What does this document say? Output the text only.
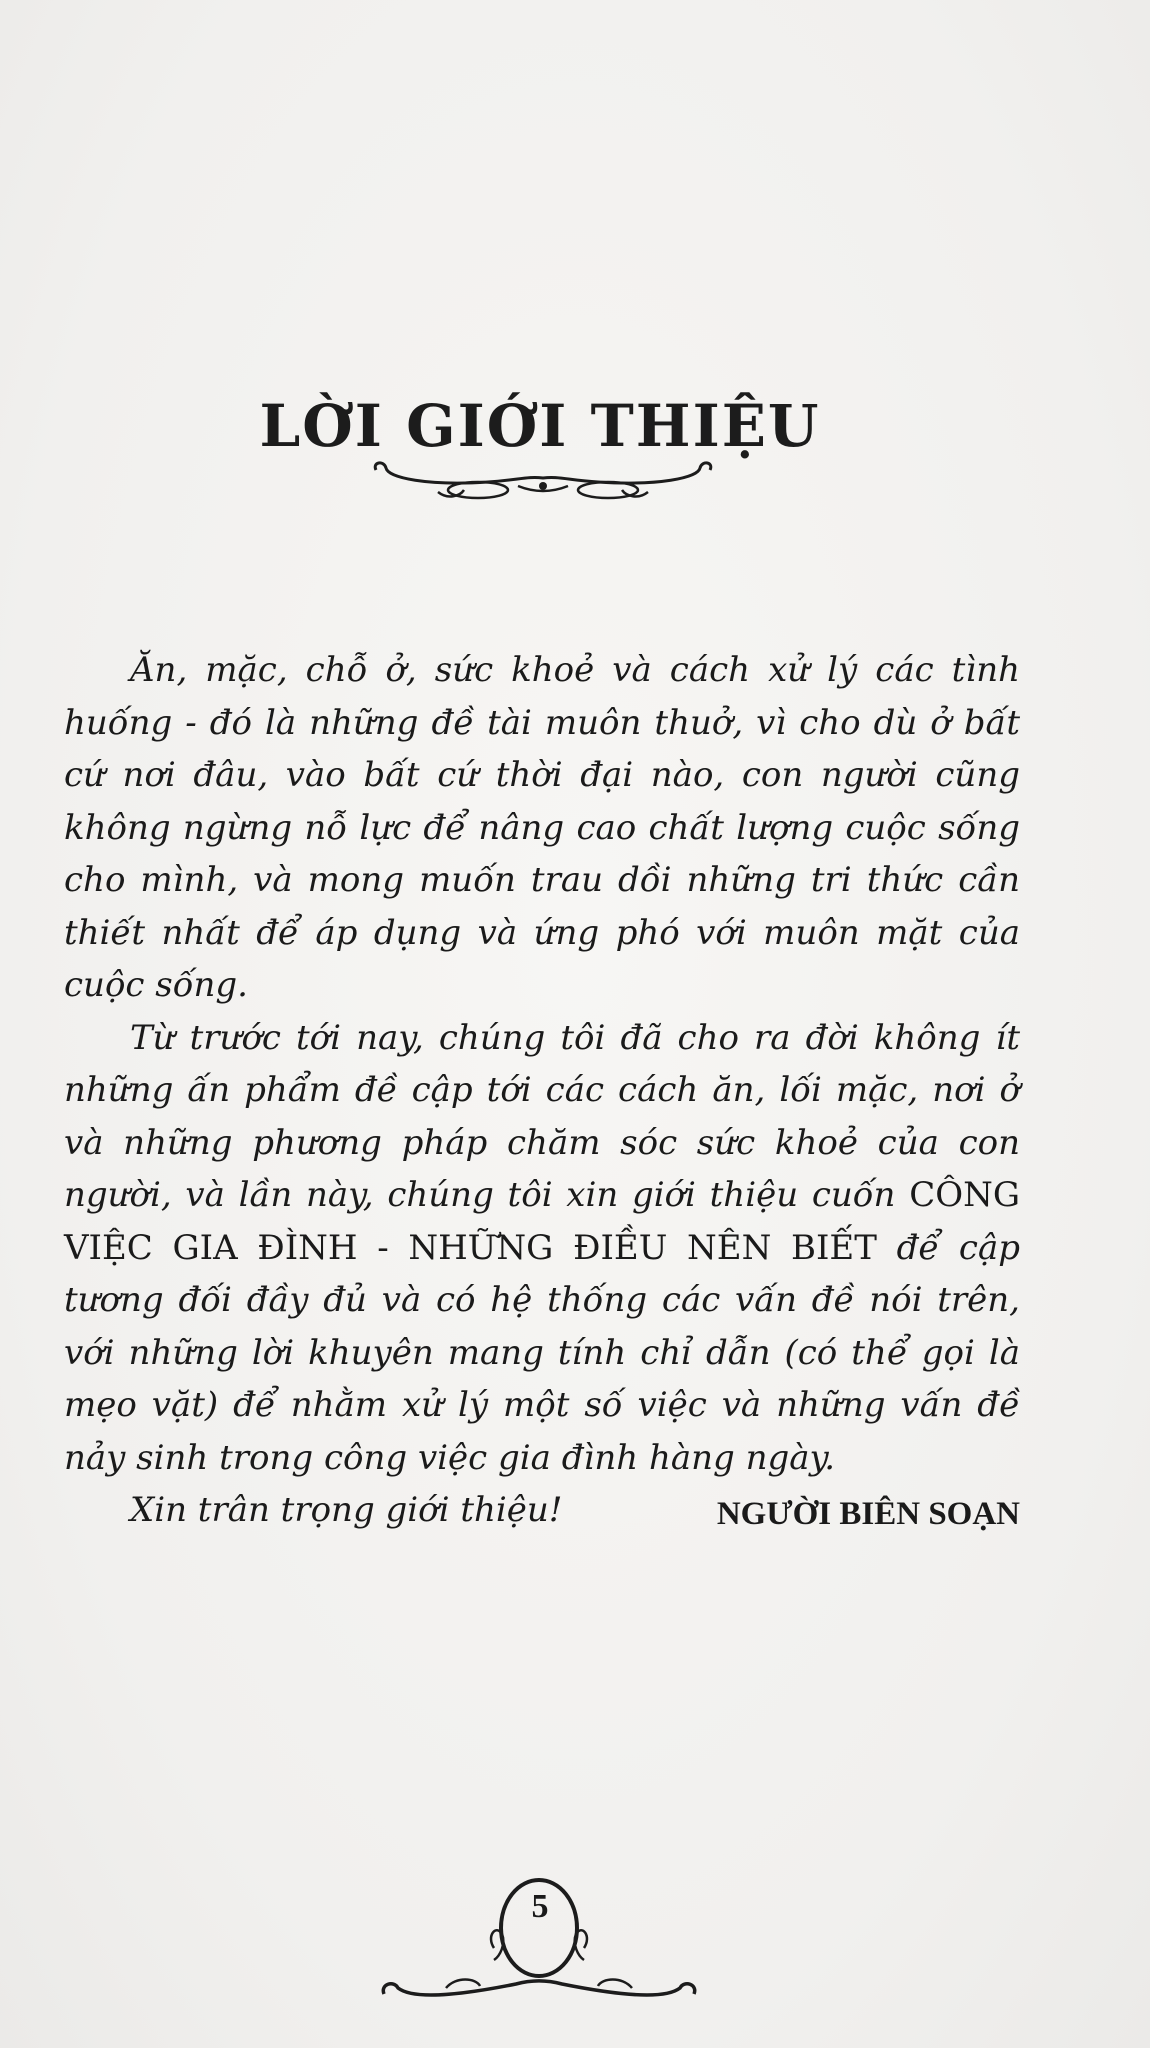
LỜI GIỚI THIỆU

Ăn, mặc, chỗ ở, sức khoẻ và cách xử lý các tình huống - đó là những đề tài muôn thuở, vì cho dù ở bất cứ nơi đâu, vào bất cứ thời đại nào, con người cũng không ngừng nỗ lực để nâng cao chất lượng cuộc sống cho mình, và mong muốn trau dồi những tri thức cần thiết nhất để áp dụng và ứng phó với muôn mặt của cuộc sống.

Từ trước tới nay, chúng tôi đã cho ra đời không ít những ấn phẩm đề cập tới các cách ăn, lối mặc, nơi ở và những phương pháp chăm sóc sức khoẻ của con người, và lần này, chúng tôi xin giới thiệu cuốn CÔNG VIỆC GIA ĐÌNH - NHỮNG ĐIỀU NÊN BIẾT để cập tương đối đầy đủ và có hệ thống các vấn đề nói trên, với những lời khuyên mang tính chỉ dẫn (có thể gọi là mẹo vặt) để nhằm xử lý một số việc và những vấn đề nảy sinh trong công việc gia đình hàng ngày.

Xin trân trọng giới thiệu!	NGƯỜI BIÊN SOẠN
5
